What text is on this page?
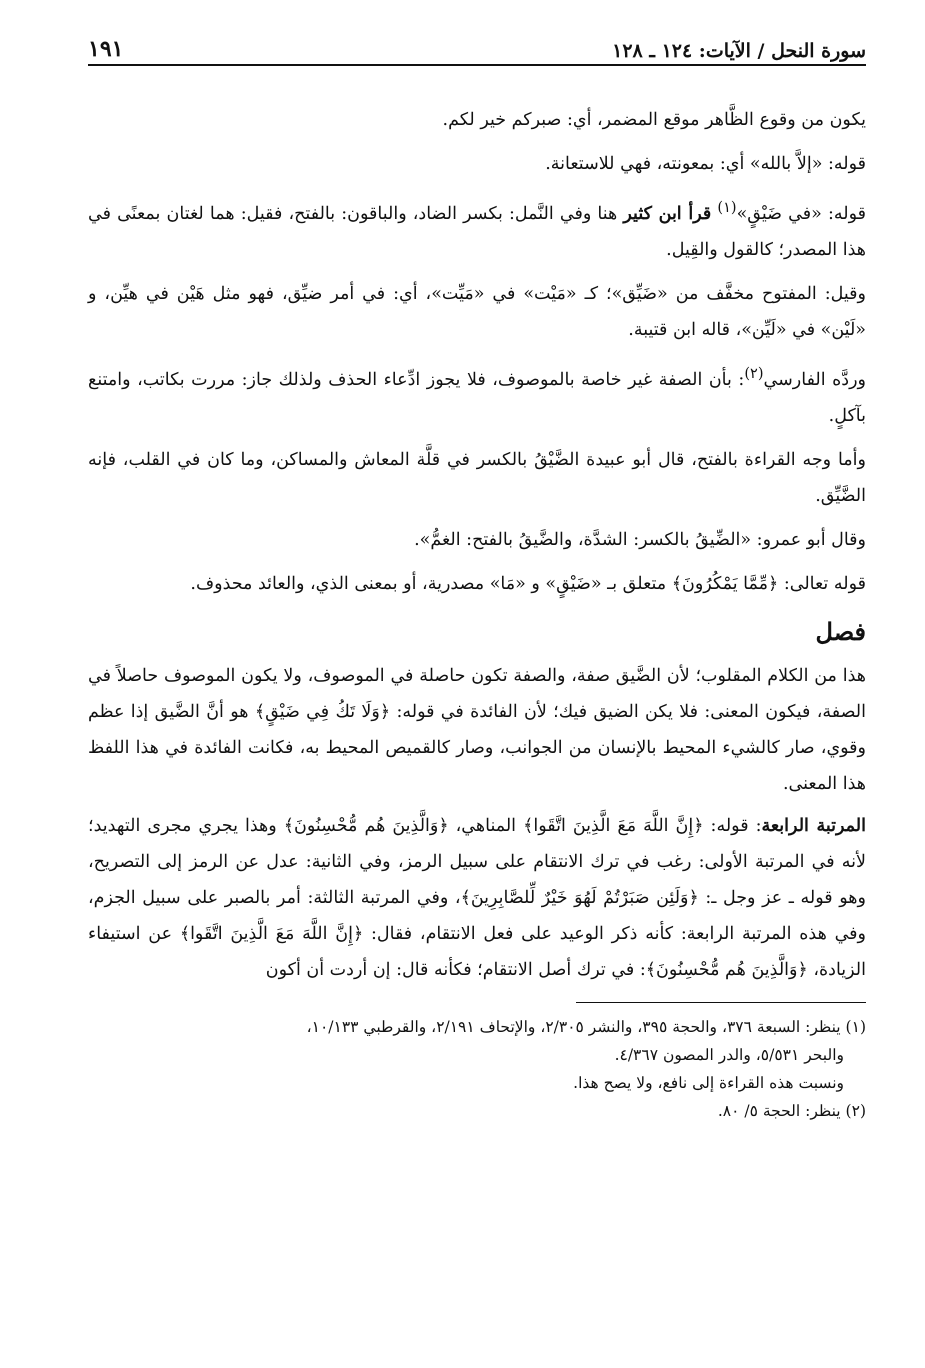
سورة النحل / الآيات: ١٢٤ ـ ١٢٨
١٩١

يكون من وقوع الظَّاهر موقع المضمر، أي: صبركم خير لكم.

قوله: «إلاَّ بالله» أي: بمعونته، فهي للاستعانة.

قوله: «في ضَيْقٍ»$^{(١)}$ قرأ ابن كثير هنا وفي النَّمل: بكسر الضاد، والباقون: بالفتح، فقيل: هما لغتان بمعنًى في هذا المصدر؛ كالقول والقِيل.

وقيل: المفتوح مخفَّف من «ضَيِّق»؛ كـ «مَيْت» في «مَيِّت»، أي: في أمر ضيِّق، فهو مثل هَيْن في هيِّن، و «لَيْن» في «لَيِّن»، قاله ابن قتيبة.

وردَّه الفارسي$^{(٢)}$: بأن الصفة غير خاصة بالموصوف، فلا يجوز ادِّعاء الحذف ولذلك جاز: مررت بكاتب، وامتنع بآكلٍ.

وأما وجه القراءة بالفتح، قال أبو عبيدة الضَّيْقُ بالكسر في قلَّة المعاش والمساكن، وما كان في القلب، فإنه الضَّيِّق.

وقال أبو عمرو: «الضِّيقُ بالكسر: الشدَّة، والضَّيقُ بالفتح: الغمُّ».

قوله تعالى: ﴿مِّمَّا يَمْكُرُونَ﴾ متعلق بـ «ضَيْقٍ» و «مَا» مصدرية، أو بمعنى الذي، والعائد محذوف.

فصل

هذا من الكلام المقلوب؛ لأن الضَّيق صفة، والصفة تكون حاصلة في الموصوف، ولا يكون الموصوف حاصلاً في الصفة، فيكون المعنى: فلا يكن الضيق فيك؛ لأن الفائدة في قوله: ﴿وَلَا تَكُ فِي ضَيْقٍ﴾ هو أنَّ الضَّيق إذا عظم وقوي، صار كالشيء المحيط بالإنسان من الجوانب، وصار كالقميص المحيط به، فكانت الفائدة في هذا اللفظ هذا المعنى.

المرتبة الرابعة: قوله: ﴿إِنَّ اللَّهَ مَعَ الَّذِينَ اتَّقَوا﴾ المناهي، ﴿وَالَّذِينَ هُم مُّحْسِنُونَ﴾ وهذا يجري مجرى التهديد؛ لأنه في المرتبة الأولى: رغب في ترك الانتقام على سبيل الرمز، وفي الثانية: عدل عن الرمز إلى التصريح، وهو قوله ـ عز وجل ـ: ﴿وَلَئِن صَبَرْتُمْ لَهُوَ خَيْرٌ لِّلصَّابِرِينَ﴾، وفي المرتبة الثالثة: أمر بالصبر على سبيل الجزم، وفي هذه المرتبة الرابعة: كأنه ذكر الوعيد على فعل الانتقام، فقال: ﴿إِنَّ اللَّهَ مَعَ الَّذِينَ اتَّقَوا﴾ عن استيفاء الزيادة، ﴿وَالَّذِينَ هُم مُّحْسِنُونَ﴾: في ترك أصل الانتقام؛ فكأنه قال: إن أردت أن أكون

(١) ينظر: السبعة ٣٧٦، والحجة ٣٩٥، والنشر ٢/٣٠٥، والإتحاف ٢/١٩١، والقرطبي ١٠/١٣٣،

والبحر ٥/٥٣١، والدر المصون ٤/٣٦٧.

ونسبت هذه القراءة إلى نافع، ولا يصح هذا.

(٢) ينظر: الحجة ٥/ ٨٠.
